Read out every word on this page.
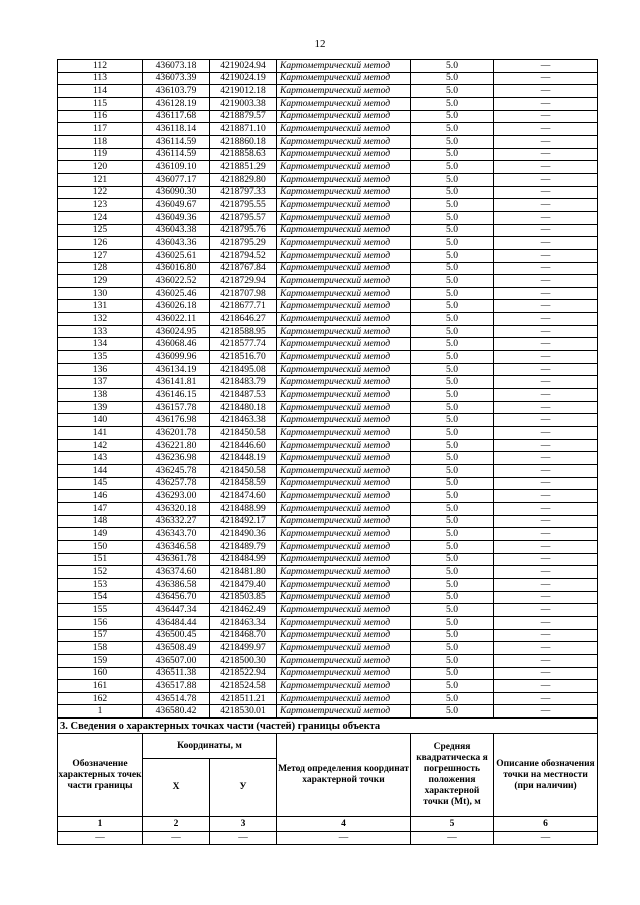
12
112	436073.18	4219024.94	Картометрический метод	5.0	—
113	436073.39	4219024.19	Картометрический метод	5.0	—
114	436103.79	4219012.18	Картометрический метод	5.0	—
115	436128.19	4219003.38	Картометрический метод	5.0	—
116	436117.68	4218879.57	Картометрический метод	5.0	—
117	436118.14	4218871.10	Картометрический метод	5.0	—
118	436114.59	4218860.18	Картометрический метод	5.0	—
119	436114.59	4218858.63	Картометрический метод	5.0	—
120	436109.10	4218851.29	Картометрический метод	5.0	—
121	436077.17	4218829.80	Картометрический метод	5.0	—
122	436090.30	4218797.33	Картометрический метод	5.0	—
123	436049.67	4218795.55	Картометрический метод	5.0	—
124	436049.36	4218795.57	Картометрический метод	5.0	—
125	436043.38	4218795.76	Картометрический метод	5.0	—
126	436043.36	4218795.29	Картометрический метод	5.0	—
127	436025.61	4218794.52	Картометрический метод	5.0	—
128	436016.80	4218767.84	Картометрический метод	5.0	—
129	436022.52	4218729.94	Картометрический метод	5.0	—
130	436025.46	4218707.98	Картометрический метод	5.0	—
131	436026.18	4218677.71	Картометрический метод	5.0	—
132	436022.11	4218646.27	Картометрический метод	5.0	—
133	436024.95	4218588.95	Картометрический метод	5.0	—
134	436068.46	4218577.74	Картометрический метод	5.0	—
135	436099.96	4218516.70	Картометрический метод	5.0	—
136	436134.19	4218495.08	Картометрический метод	5.0	—
137	436141.81	4218483.79	Картометрический метод	5.0	—
138	436146.15	4218487.53	Картометрический метод	5.0	—
139	436157.78	4218480.18	Картометрический метод	5.0	—
140	436176.98	4218463.38	Картометрический метод	5.0	—
141	436201.78	4218450.58	Картометрический метод	5.0	—
142	436221.80	4218446.60	Картометрический метод	5.0	—
143	436236.98	4218448.19	Картометрический метод	5.0	—
144	436245.78	4218450.58	Картометрический метод	5.0	—
145	436257.78	4218458.59	Картометрический метод	5.0	—
146	436293.00	4218474.60	Картометрический метод	5.0	—
147	436320.18	4218488.99	Картометрический метод	5.0	—
148	436332.27	4218492.17	Картометрический метод	5.0	—
149	436343.70	4218490.36	Картометрический метод	5.0	—
150	436346.58	4218489.79	Картометрический метод	5.0	—
151	436361.78	4218484.99	Картометрический метод	5.0	—
152	436374.60	4218481.80	Картометрический метод	5.0	—
153	436386.58	4218479.40	Картометрический метод	5.0	—
154	436456.70	4218503.85	Картометрический метод	5.0	—
155	436447.34	4218462.49	Картометрический метод	5.0	—
156	436484.44	4218463.34	Картометрический метод	5.0	—
157	436500.45	4218468.70	Картометрический метод	5.0	—
158	436508.49	4218499.97	Картометрический метод	5.0	—
159	436507.00	4218500.30	Картометрический метод	5.0	—
160	436511.38	4218522.94	Картометрический метод	5.0	—
161	436517.88	4218524.58	Картометрический метод	5.0	—
162	436514.78	4218511.21	Картометрический метод	5.0	—
1	436580.42	4218530.01	Картометрический метод	5.0	—
3. Сведения о характерных точках части (частей) границы объекта					
Обозначение характерных точек части границы	Координаты, м		Метод определения координат характерной точки	Средняя квадратическа я погрешность положения характерной точки (Mt), м	Описание обозначения точки на местности (при наличии)
	Х	У			
1	2	3	4	5	6
—	—	—	—	—	—
